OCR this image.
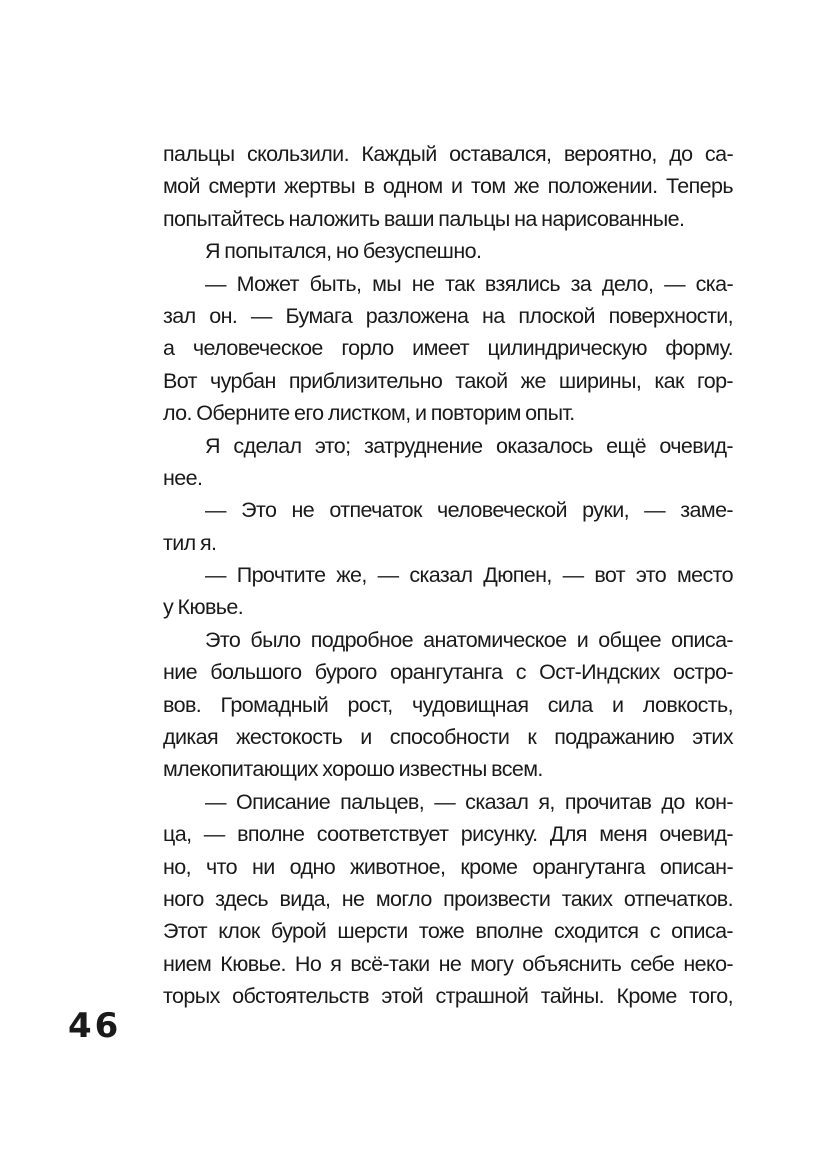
пальцы скользили. Каждый оставался, вероятно, до са-
мой смерти жертвы в одном и том же положении. Теперь
попытайтесь наложить ваши пальцы на нарисованные.
Я попытался, но безуспешно.
— Может быть, мы не так взялись за дело, — ска-
зал он. — Бумага разложена на плоской поверхности,
а человеческое горло имеет цилиндрическую форму.
Вот чурбан приблизительно такой же ширины, как гор-
ло. Оберните его листком, и повторим опыт.
Я сделал это; затруднение оказалось ещё очевид-
нее.
— Это не отпечаток человеческой руки, — заме-
тил я.
— Прочтите же, — сказал Дюпен, — вот это место
у Кювье.
Это было подробное анатомическое и общее описа-
ние большого бурого орангутанга с Ост-Индских остро-
вов. Громадный рост, чудовищная сила и ловкость,
дикая жестокость и способности к подражанию этих
млекопитающих хорошо известны всем.
— Описание пальцев, — сказал я, прочитав до кон-
ца, — вполне соответствует рисунку. Для меня очевид-
но, что ни одно животное, кроме орангутанга описан-
ного здесь вида, не могло произвести таких отпечатков.
Этот клок бурой шерсти тоже вполне сходится с описа-
нием Кювье. Но я всё-таки не могу объяснить себе неко-
торых обстоятельств этой страшной тайны. Кроме того,
46
